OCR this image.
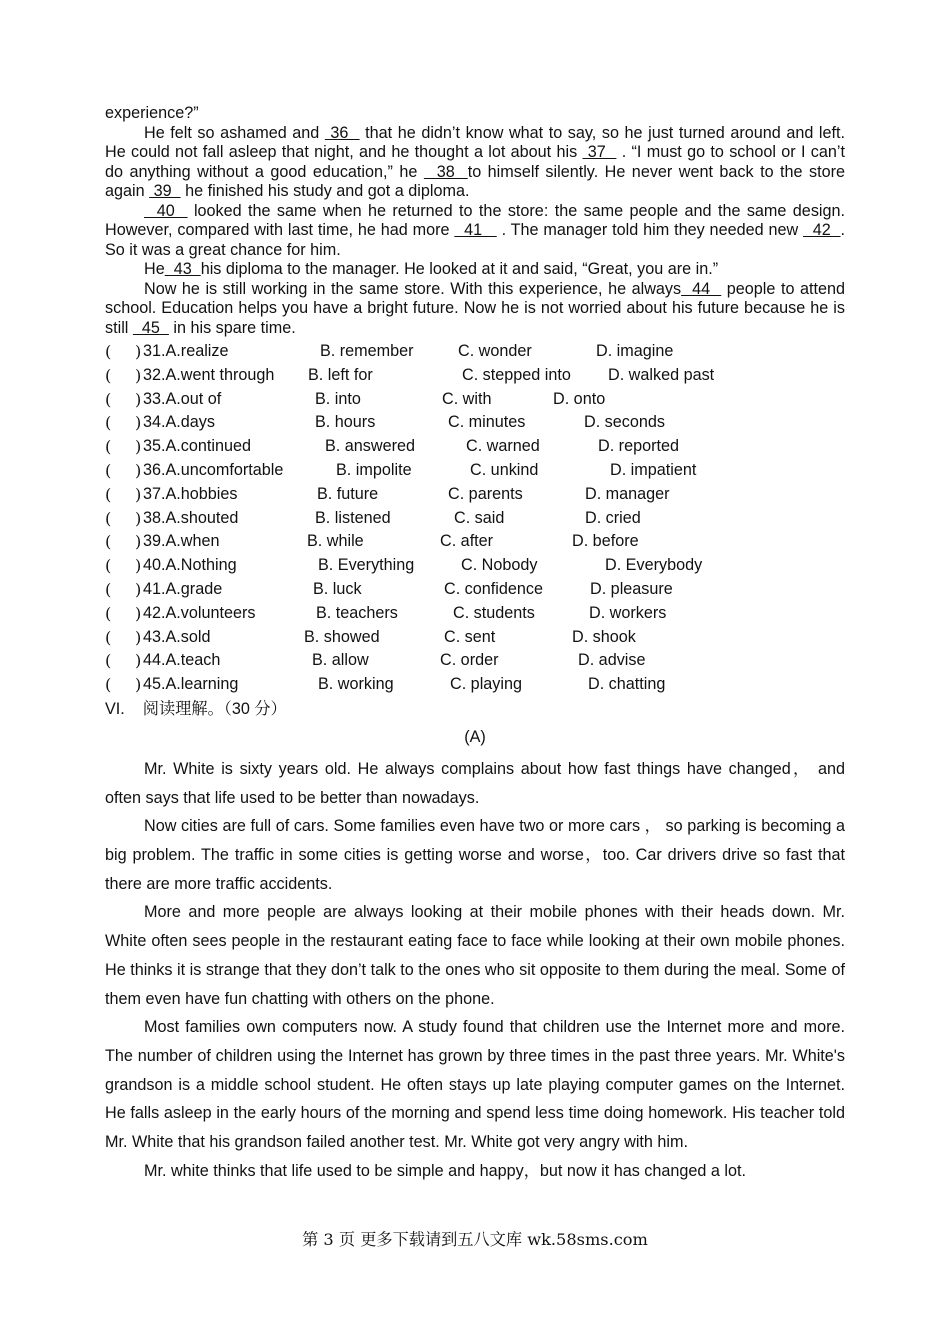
experience?”

He felt so ashamed and  36   that he didn’t know what to say, so he just turned around and left. He could not fall asleep that night, and he thought a lot about his  37   . “I must go to school or I can’t do anything without a good education,” he   38  to himself silently. He never went back to the store again  39   he finished his study and got a diploma.

40   looked the same when he returned to the store: the same people and the same design. However, compared with last time, he had more   41    . The manager told him they needed new   42  . So it was a great chance for him.

He  43  his diploma to the manager. He looked at it and said, “Great, you are in.”

Now he is still working in the same store. With this experience, he always  44   people to attend school. Education helps you have a bright future. Now he is not worried about his future because he is still   45   in his spare time.

( ) 31.A.realize	B. remember	C. wonder	D. imagine
( ) 32.A.went through B. left for	C. stepped into D. walked past
( ) 33.A.out of	B. into	C. with	D. onto
( ) 34.A.days	B. hours	C. minutes	D. seconds
( ) 35.A.continued	B. answered	C. warned	D. reported
( ) 36.A.uncomfortable	B. impolite	C. unkind	D. impatient
( ) 37.A.hobbies	B. future	C. parents	D. manager
( ) 38.A.shouted	B. listened	C. said	D. cried
( ) 39.A.when	B. while	C. after	D. before
( ) 40.A.Nothing	B. Everything	C. Nobody	D. Everybody
( ) 41.A.grade	B. luck	C. confidence	D. pleasure
( ) 42.A.volunteers	B. teachers	C. students	D. workers
( ) 43.A.sold	B. showed	C. sent	D. shook
( ) 44.A.teach	B. allow	C. order	D. advise
( ) 45.A.learning	B. working	C. playing	D. chatting
VI. 阅读理解。（30 分）
(A)

Mr. White is sixty years old. He always complains about how fast things have changed， and often says that life used to be better than nowadays.

Now cities are full of cars. Some families even have two or more cars ， so parking is becoming a big problem. The traffic in some cities is getting worse and worse，too. Car drivers drive so fast that there are more traffic accidents.

More and more people are always looking at their mobile phones with their heads down. Mr. White often sees people in the restaurant eating face to face while looking at their own mobile phones. He thinks it is strange that they don’t talk to the ones who sit opposite to them during the meal. Some of them even have fun chatting with others on the phone.

Most families own computers now. A study found that children use the Internet more and more. The number of children using the Internet has grown by three times in the past three years. Mr. White's grandson is a middle school student. He often stays up late playing computer games on the Internet. He falls asleep in the early hours of the morning and spend less time doing homework. His teacher told Mr. White that his grandson failed another test. Mr. White got very angry with him.

Mr. white thinks that life used to be simple and happy，but now it has changed a lot.

第 3 页 更多下载请到五八文库 wk.58sms.com
